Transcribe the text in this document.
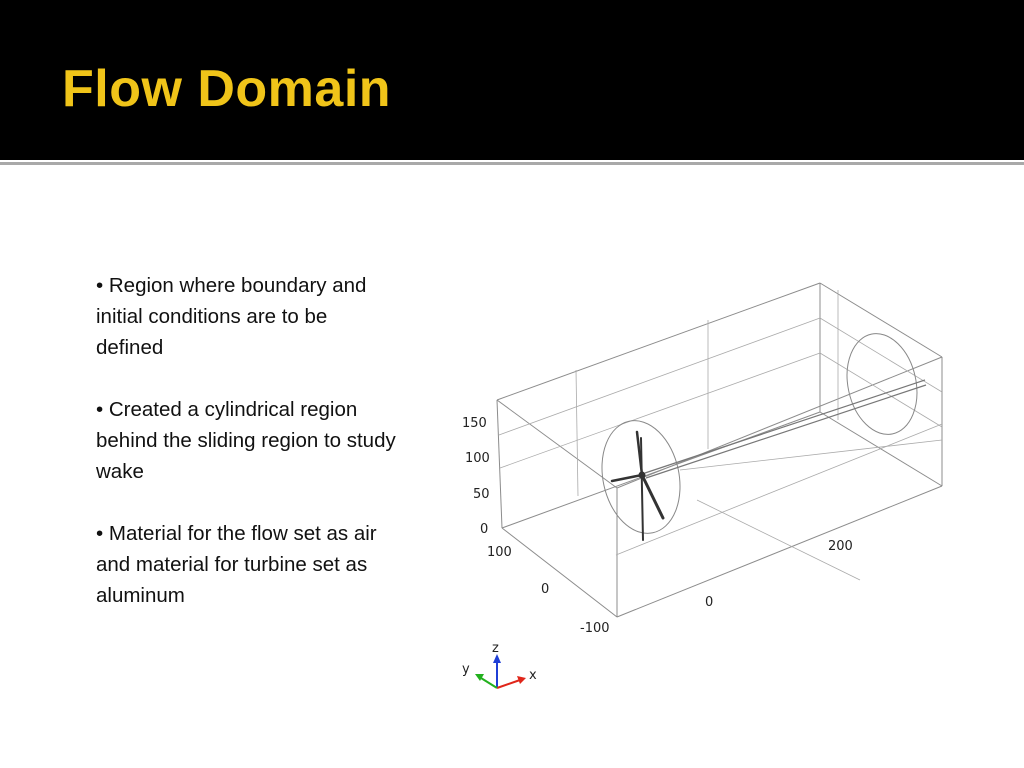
Flow Domain

• Region where boundary and initial conditions are to be defined

• Created a cylindrical region behind the sliding region to study wake

• Material for the flow set as air and material for turbine set as aluminum

150
100
50
0
100
0
-100
0
200
z
x
y
